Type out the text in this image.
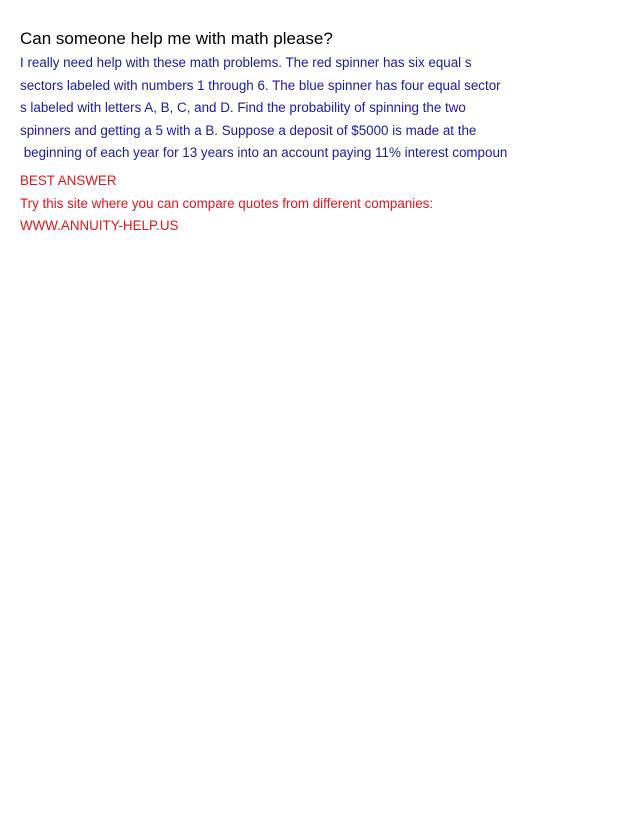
Can someone help me with math please?
I really need help with these math problems. The red spinner has six equal s
sectors labeled with numbers 1 through 6. The blue spinner has four equal sector
s labeled with letters A, B, C, and D. Find the probability of spinning the two
spinners and getting a 5 with a B. Suppose a deposit of $5000 is made at the
beginning of each year for 13 years into an account paying 11% interest compoun
BEST ANSWER
Try this site where you can compare quotes from different companies:
WWW.ANNUITY-HELP.US
